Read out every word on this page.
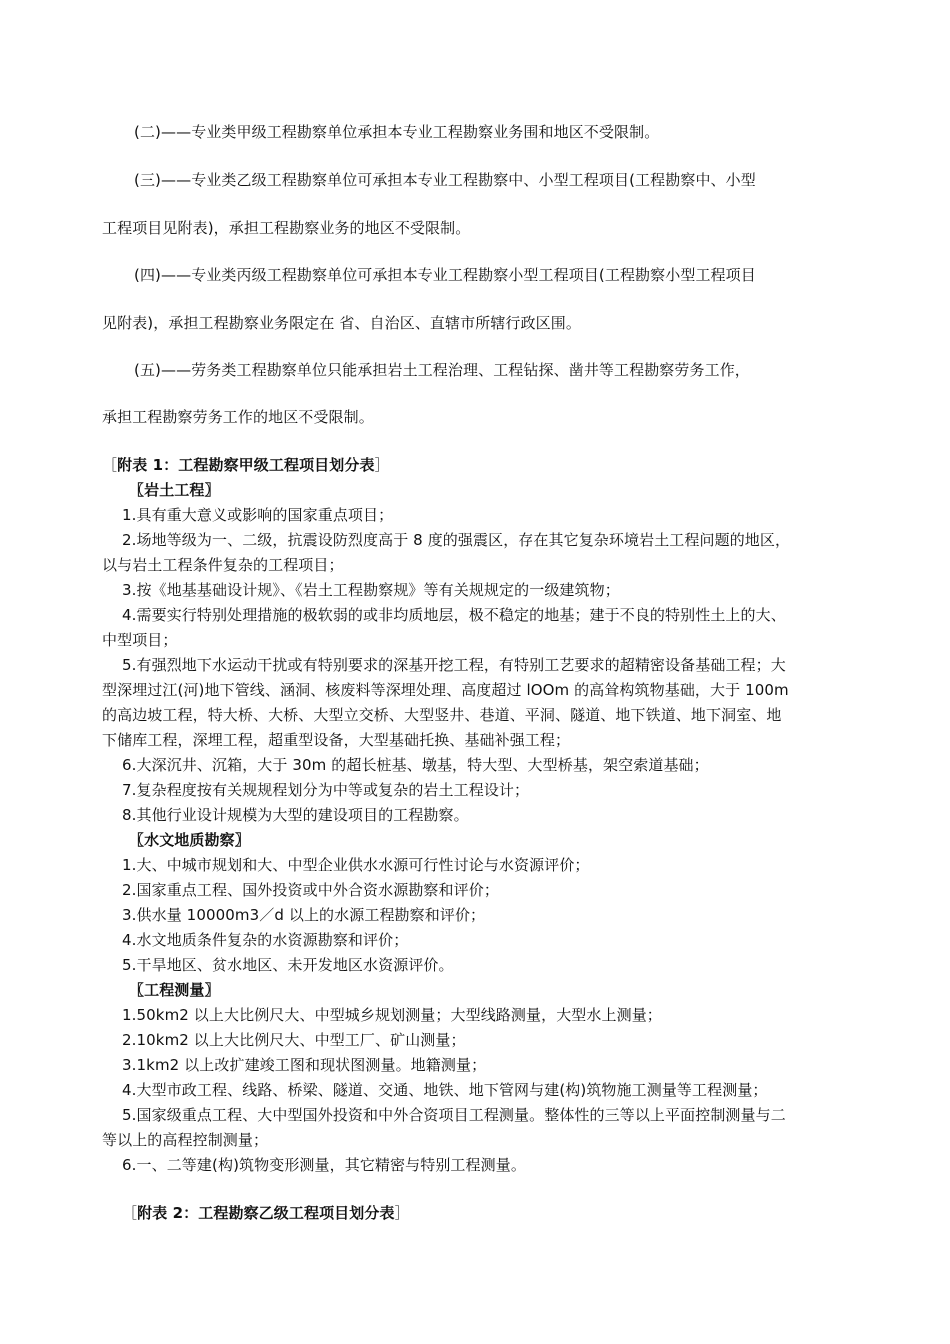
(二)——专业类甲级工程勘察单位承担本专业工程勘察业务围和地区不受限制。
(三)——专业类乙级工程勘察单位可承担本专业工程勘察中、小型工程项目(工程勘察中、小型
工程项目见附表)，承担工程勘察业务的地区不受限制。
(四)——专业类丙级工程勘察单位可承担本专业工程勘察小型工程项目(工程勘察小型工程项目
见附表)，承担工程勘察业务限定在 省、自治区、直辖市所辖行政区围。
(五)——劳务类工程勘察单位只能承担岩土工程治理、工程钻探、凿井等工程勘察劳务工作，
承担工程勘察劳务工作的地区不受限制。
［附表 1：工程勘察甲级工程项目划分表］
〖岩土工程〗
1.具有重大意义或影响的国家重点项目；
2.场地等级为一、二级，抗震设防烈度高于 8 度的强震区，存在其它复杂环境岩土工程问题的地区，
以与岩土工程条件复杂的工程项目；
3.按《地基基础设计规》、《岩土工程勘察规》等有关规规定的一级建筑物；
4.需要实行特别处理措施的极软弱的或非均质地层，极不稳定的地基；建于不良的特别性土上的大、
中型项目；
5.有强烈地下水运动干扰或有特别要求的深基开挖工程，有特别工艺要求的超精密设备基础工程；大
型深埋过江(河)地下管线、涵洞、核废料等深埋处理、高度超过 lOOm 的高耸构筑物基础，大于 100m
的高边坡工程，特大桥、大桥、大型立交桥、大型竖井、巷道、平洞、隧道、地下铁道、地下洞室、地
下储库工程，深埋工程，超重型设备，大型基础托换、基础补强工程；
6.大深沉井、沉箱，大于 30m 的超长桩基、墩基，特大型、大型桥基，架空索道基础；
7.复杂程度按有关规规程划分为中等或复杂的岩土工程设计；
8.其他行业设计规模为大型的建设项目的工程勘察。
〖水文地质勘察〗
1.大、中城市规划和大、中型企业供水水源可行性讨论与水资源评价；
2.国家重点工程、国外投资或中外合资水源勘察和评价；
3.供水量 10000m3／d 以上的水源工程勘察和评价；
4.水文地质条件复杂的水资源勘察和评价；
5.干旱地区、贫水地区、未开发地区水资源评价。
〖工程测量〗
1.50km2 以上大比例尺大、中型城乡规划测量；大型线路测量，大型水上测量；
2.10km2 以上大比例尺大、中型工厂、矿山测量；
3.1km2 以上改扩建竣工图和现状图测量。地籍测量；
4.大型市政工程、线路、桥梁、隧道、交通、地铁、地下管网与建(构)筑物施工测量等工程测量；
5.国家级重点工程、大中型国外投资和中外合资项目工程测量。整体性的三等以上平面控制测量与二
等以上的高程控制测量；
6.一、二等建(构)筑物变形测量，其它精密与特别工程测量。
［附表 2：工程勘察乙级工程项目划分表］
